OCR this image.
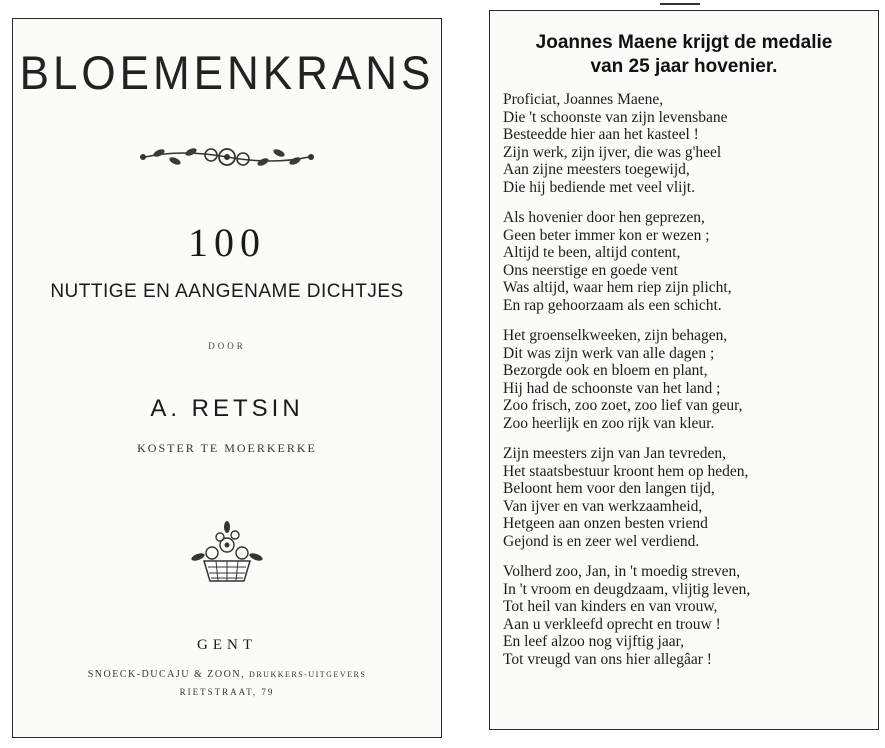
BLOEMENKRANS
100
NUTTIGE EN AANGENAME DICHTJES
DOOR
A. RETSIN
KOSTER TE MOERKERKE
GENT
SNOECK-DUCAJU & ZOON, DRUKKERS-UITGEVERS
RIETSTRAAT, 79
Joannes Maene krijgt de medalie
van 25 jaar hovenier.
Proficiat, Joannes Maene,
Die 't schoonste van zijn levensbane
Besteedde hier aan het kasteel !
Zijn werk, zijn ijver, die was g'heel
Aan zijne meesters toegewijd,
Die hij bediende met veel vlijt.
Als hovenier door hen geprezen,
Geen beter immer kon er wezen ;
Altijd te been, altijd content,
Ons neerstige en goede vent
Was altijd, waar hem riep zijn plicht,
En rap gehoorzaam als een schicht.
Het groenselkweeken, zijn behagen,
Dit was zijn werk van alle dagen ;
Bezorgde ook en bloem en plant,
Hij had de schoonste van het land ;
Zoo frisch, zoo zoet, zoo lief van geur,
Zoo heerlijk en zoo rijk van kleur.
Zijn meesters zijn van Jan tevreden,
Het staatsbestuur kroont hem op heden,
Beloont hem voor den langen tijd,
Van ijver en van werkzaamheid,
Hetgeen aan onzen besten vriend
Gejond is en zeer wel verdiend.
Volherd zoo, Jan, in 't moedig streven,
In 't vroom en deugdzaam, vlijtig leven,
Tot heil van kinders en van vrouw,
Aan u verkleefd oprecht en trouw !
En leef alzoo nog vijftig jaar,
Tot vreugd van ons hier allegâar !
